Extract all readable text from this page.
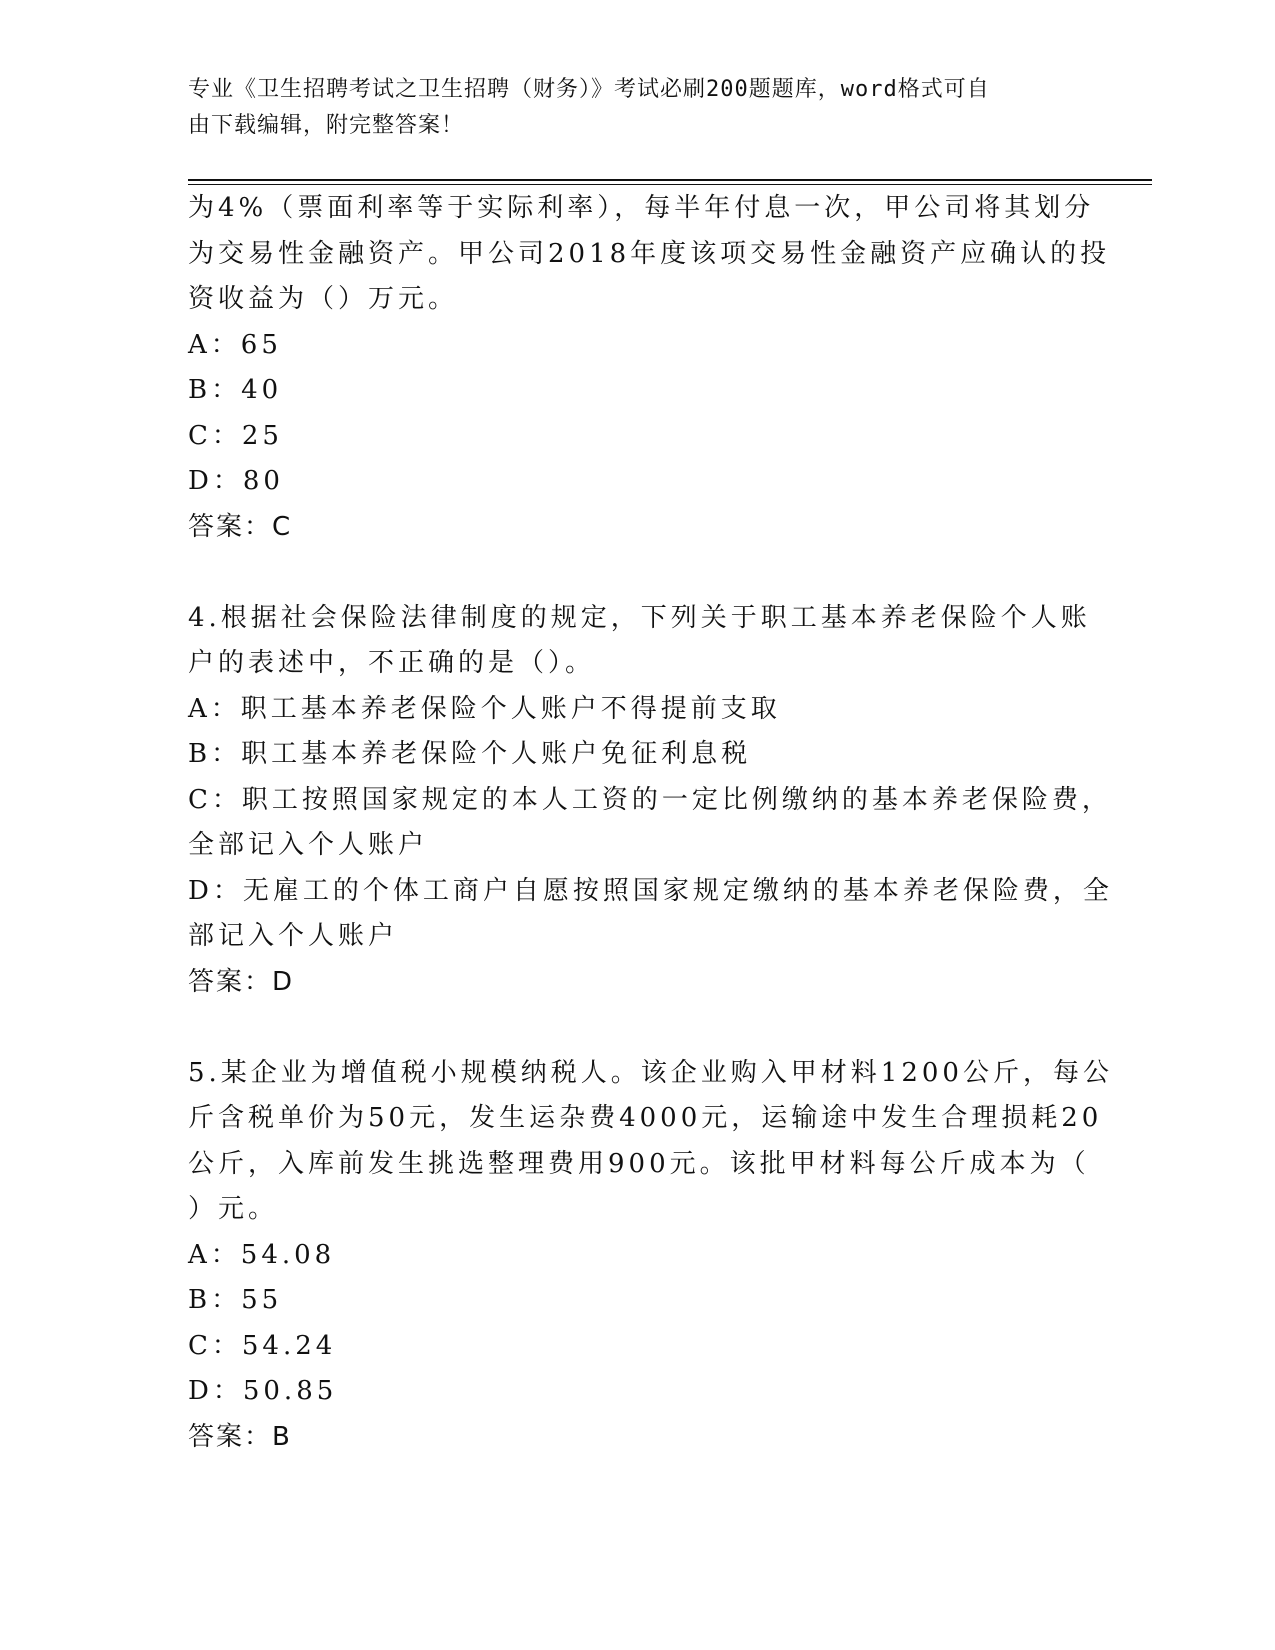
专业《卫生招聘考试之卫生招聘（财务）》考试必刷200题题库，word格式可自
由下载编辑，附完整答案！
为4%（票面利率等于实际利率），每半年付息一次，甲公司将其划分
为交易性金融资产。甲公司2018年度该项交易性金融资产应确认的投
资收益为（）万元。
A：65
B：40
C：25
D：80
答案：C
4.根据社会保险法律制度的规定，下列关于职工基本养老保险个人账
户的表述中，不正确的是（）。
A：职工基本养老保险个人账户不得提前支取
B：职工基本养老保险个人账户免征利息税
C：职工按照国家规定的本人工资的一定比例缴纳的基本养老保险费，
全部记入个人账户
D：无雇工的个体工商户自愿按照国家规定缴纳的基本养老保险费，全
部记入个人账户
答案：D
5.某企业为增值税小规模纳税人。该企业购入甲材料1200公斤，每公
斤含税单价为50元，发生运杂费4000元，运输途中发生合理损耗20
公斤，入库前发生挑选整理费用900元。该批甲材料每公斤成本为（
）元。
A：54.08
B：55
C：54.24
D：50.85
答案：B
